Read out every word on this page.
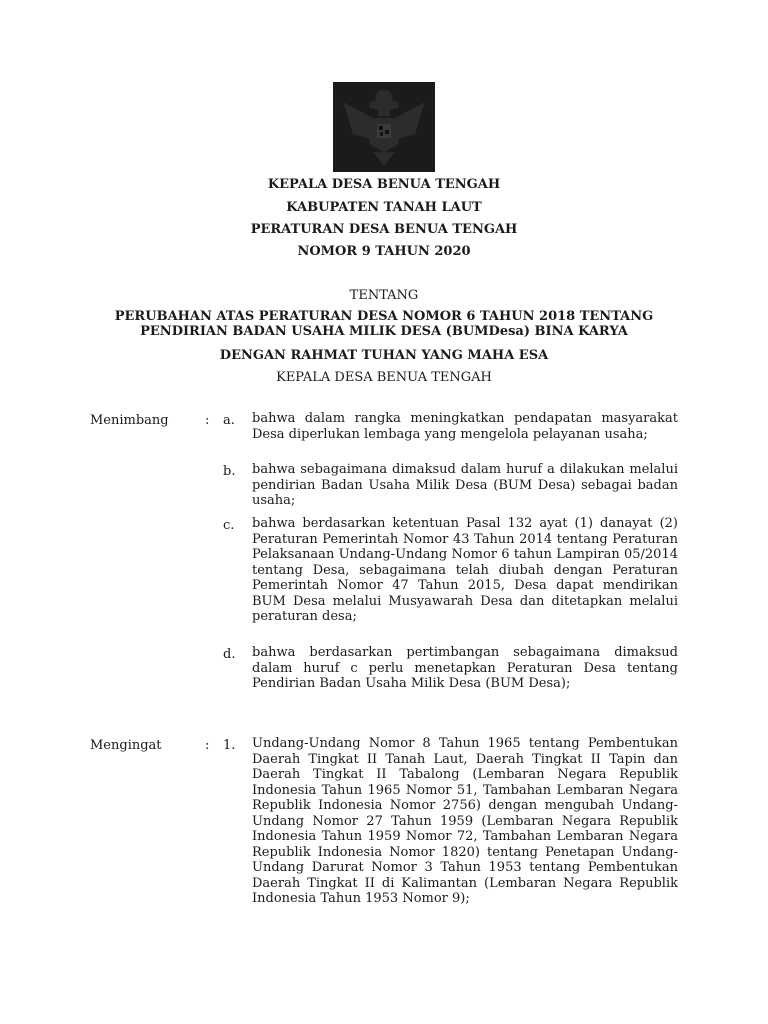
KEPALA DESA BENUA TENGAH
KABUPATEN TANAH LAUT
PERATURAN DESA BENUA TENGAH
NOMOR 9 TAHUN 2020
TENTANG
PERUBAHAN ATAS PERATURAN DESA NOMOR 6 TAHUN 2018 TENTANG
PENDIRIAN BADAN USAHA MILIK DESA (BUMDesa) BINA KARYA
DENGAN RAHMAT TUHAN YANG MAHA ESA
KEPALA DESA BENUA TENGAH
Menimbang	: a. bahwa dalam rangka meningkatkan pendapatan masyarakat Desa diperlukan lembaga yang mengelola pelayanan usaha;
b. bahwa sebagaimana dimaksud dalam huruf a dilakukan melalui pendirian Badan Usaha Milik Desa (BUM Desa) sebagai badan usaha;
c. bahwa berdasarkan ketentuan Pasal 132 ayat (1) danayat (2) Peraturan Pemerintah Nomor 43 Tahun 2014 tentang Peraturan Pelaksanaan Undang-Undang Nomor 6 tahun Lampiran 05/2014 tentang Desa, sebagaimana telah diubah dengan Peraturan Pemerintah Nomor 47 Tahun 2015, Desa dapat mendirikan BUM Desa melalui Musyawarah Desa dan ditetapkan melalui peraturan desa;
d. bahwa berdasarkan pertimbangan sebagaimana dimaksud dalam huruf c perlu menetapkan Peraturan Desa tentang Pendirian Badan Usaha Milik Desa (BUM Desa);
Mengingat	: 1. Undang-Undang Nomor 8 Tahun 1965 tentang Pembentukan Daerah Tingkat II Tanah Laut, Daerah Tingkat II Tapin dan Daerah Tingkat II Tabalong (Lembaran Negara Republik Indonesia Tahun 1965 Nomor 51, Tambahan Lembaran Negara Republik Indonesia Nomor 2756) dengan mengubah Undang-Undang Nomor 27 Tahun 1959 (Lembaran Negara Republik Indonesia Tahun 1959 Nomor 72, Tambahan Lembaran Negara Republik Indonesia Nomor 1820) tentang Penetapan Undang-Undang Darurat Nomor 3 Tahun 1953 tentang Pembentukan Daerah Tingkat II di Kalimantan (Lembaran Negara Republik Indonesia Tahun 1953 Nomor 9);
